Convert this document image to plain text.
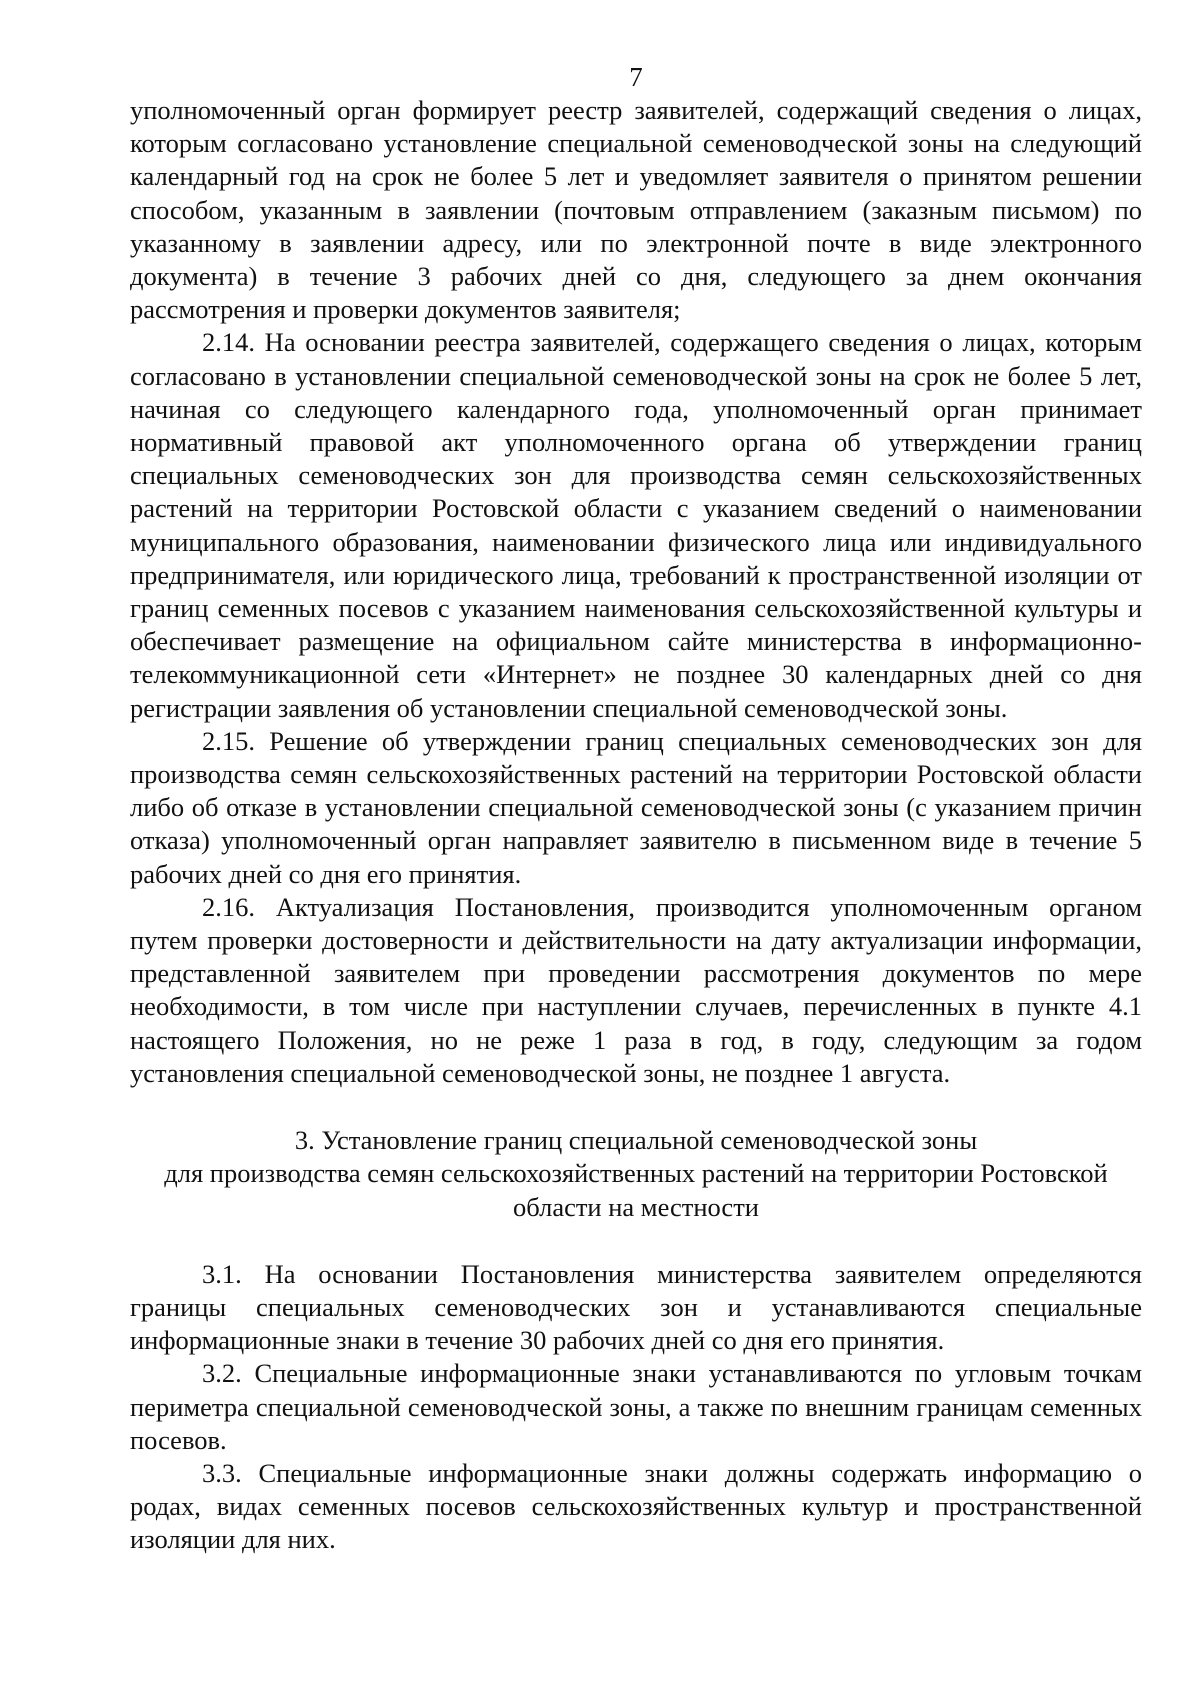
7

уполномоченный орган формирует реестр заявителей, содержащий сведения о лицах, которым согласовано установление специальной семеноводческой зоны на следующий календарный год на срок не более 5 лет и уведомляет заявителя о принятом решении способом, указанным в заявлении (почтовым отправлением (заказным письмом) по указанному в заявлении адресу, или по электронной почте в виде электронного документа) в течение 3 рабочих дней со дня, следующего за днем окончания рассмотрения и проверки документов заявителя;

2.14. На основании реестра заявителей, содержащего сведения о лицах, которым согласовано в установлении специальной семеноводческой зоны на срок не более 5 лет, начиная со следующего календарного года, уполномоченный орган принимает нормативный правовой акт уполномоченного органа об утверждении границ специальных семеноводческих зон для производства семян сельскохозяйственных растений на территории Ростовской области с указанием сведений о наименовании муниципального образования, наименовании физического лица или индивидуального предпринимателя, или юридического лица, требований к пространственной изоляции от границ семенных посевов с указанием наименования сельскохозяйственной культуры и обеспечивает размещение на официальном сайте министерства в информационно-телекоммуникационной сети «Интернет» не позднее 30 календарных дней со дня регистрации заявления об установлении специальной семеноводческой зоны.

2.15. Решение об утверждении границ специальных семеноводческих зон для производства семян сельскохозяйственных растений на территории Ростовской области либо об отказе в установлении специальной семеноводческой зоны (с указанием причин отказа) уполномоченный орган направляет заявителю в письменном виде в течение 5 рабочих дней со дня его принятия.

2.16. Актуализация Постановления, производится уполномоченным органом путем проверки достоверности и действительности на дату актуализации информации, представленной заявителем при проведении рассмотрения документов по мере необходимости, в том числе при наступлении случаев, перечисленных в пункте 4.1 настоящего Положения, но не реже 1 раза в год, в году, следующим за годом установления специальной семеноводческой зоны, не позднее 1 августа.

3. Установление границ специальной семеноводческой зоны
для производства семян сельскохозяйственных растений на территории Ростовской
области на местности

3.1. На основании Постановления министерства заявителем определяются границы специальных семеноводческих зон и устанавливаются специальные информационные знаки в течение 30 рабочих дней со дня его принятия.

3.2. Специальные информационные знаки устанавливаются по угловым точкам периметра специальной семеноводческой зоны, а также по внешним границам семенных посевов.

3.3. Специальные информационные знаки должны содержать информацию о родах, видах семенных посевов сельскохозяйственных культур и пространственной изоляции для них.
